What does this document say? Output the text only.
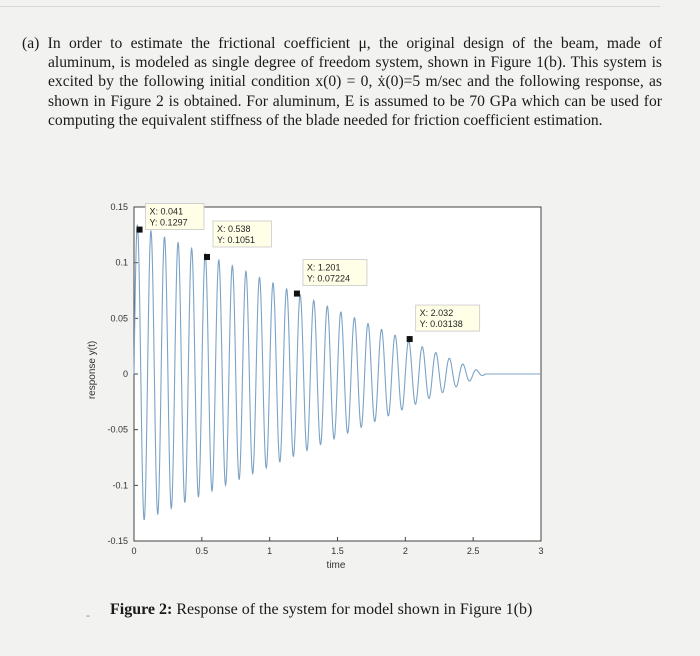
(a) In order to estimate the frictional coefficient μ, the original design of the beam, made of aluminum, is modeled as single degree of freedom system, shown in Figure 1(b). This system is excited by the following initial condition x(0) = 0, ẋ(0)=5 m/sec and the following response, as shown in Figure 2 is obtained. For aluminum, E is assumed to be 70 GPa which can be used for computing the equivalent stiffness of the blade needed for friction coefficient estimation.

0	0.5	1	1.5	2	2.5	3
0.15
0.1
0.05
0
-0.05
-0.1
-0.15
time
response y(t)
X: 0.041
Y: 0.1297
X: 0.538
Y: 0.1051
X: 1.201
Y: 0.07224
X: 2.032
Y: 0.03138
- Figure 2: Response of the system for model shown in Figure 1(b)
